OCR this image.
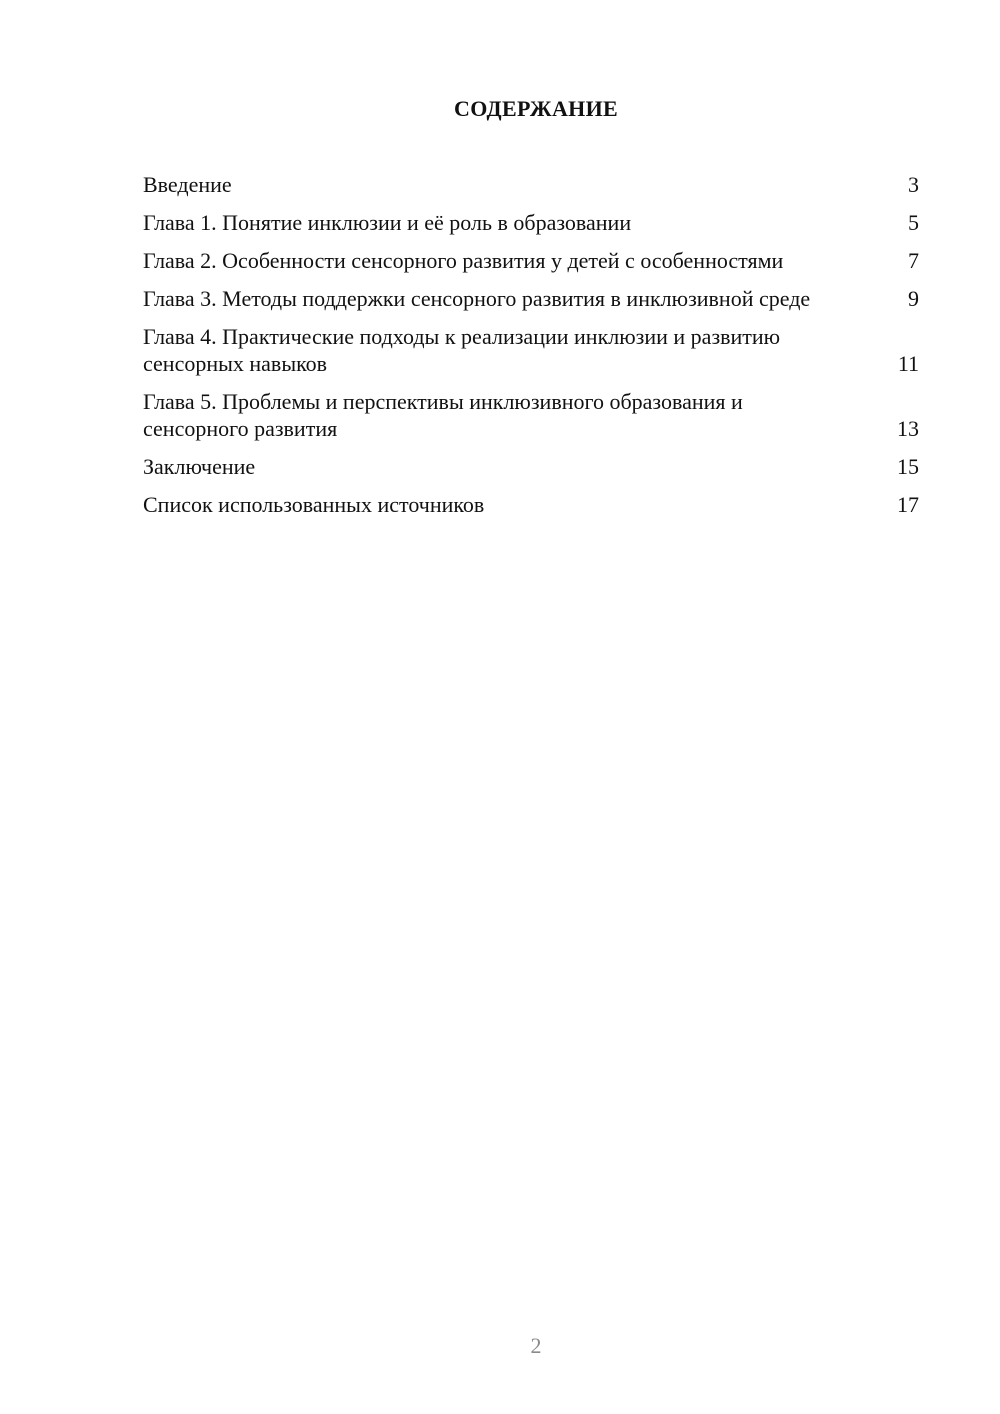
СОДЕРЖАНИЕ
Введение	3
Глава 1. Понятие инклюзии и её роль в образовании	5
Глава 2. Особенности сенсорного развития у детей с особенностями	7
Глава 3. Методы поддержки сенсорного развития в инклюзивной среде	9
Глава 4. Практические подходы к реализации инклюзии и развитию сенсорных навыков	11
Глава 5. Проблемы и перспективы инклюзивного образования и сенсорного развития	13
Заключение	15
Список использованных источников	17
2
